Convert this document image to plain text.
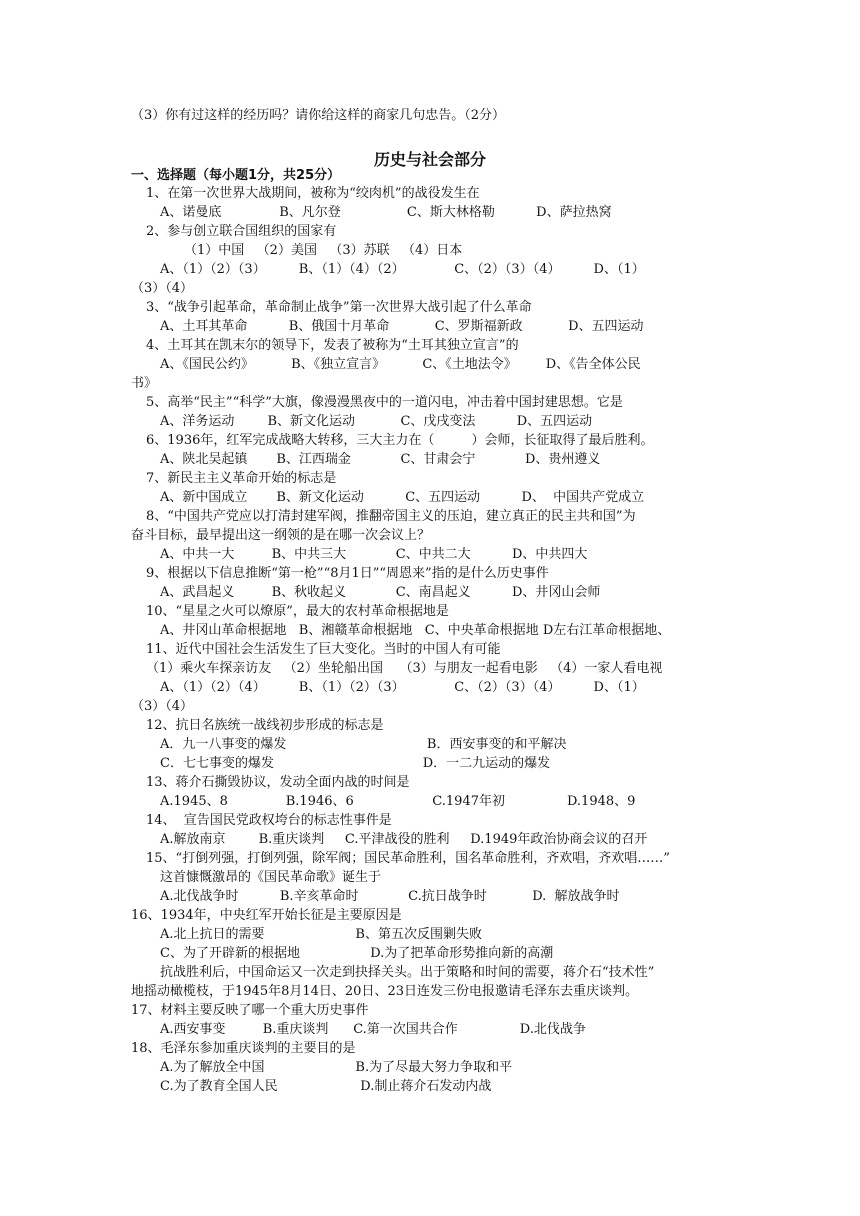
（3）你有过这样的经历吗？请你给这样的商家几句忠告。（2分）
历史与社会部分
一、选择题（每小题1分，共25分）
1、在第一次世界大战期间，被称为“绞肉机”的战役发生在
A、诺曼底              B、凡尔登                C、斯大林格勒          D、萨拉热窝
2、参与创立联合国组织的国家有
（1）中国   （2）美国   （3）苏联   （4）日本
A、（1）（2）（3）        B、（1）（4）（2）            C、（2）（3）（4）        D、（1）
（3）（4）
3、“战争引起革命，革命制止战争”第一次世界大战引起了什么革命
A、土耳其革命          B、俄国十月革命           C、罗斯福新政           D、五四运动
4、土耳其在凯末尔的领导下，发表了被称为“土耳其独立宣言”的
A、《国民公约》         B、《独立宣言》         C、《土地法令》       D、《告全体公民
书》
5、高举“民主”“科学”大旗，像漫漫黑夜中的一道闪电，冲击着中国封建思想。它是
A、洋务运动        B、新文化运动           C、戊戌变法          D、五四运动
6、1936年，红军完成战略大转移，三大主力在（         ）会师，长征取得了最后胜利。
A、陕北吴起镇       B、江西瑞金            C、甘肃会宁            D、贵州遵义
7、新民主主义革命开始的标志是
A、新中国成立       B、新文化运动          C、五四运动          D、  中国共产党成立
8、“中国共产党应以打清封建军阀，推翻帝国主义的压迫，建立真正的民主共和国”为
奋斗目标，最早提出这一纲领的是在哪一次会议上？
A、中共一大         B、中共三大            C、中共二大          D、中共四大
9、根据以下信息推断“第一枪”“8月1日”“周恩来”指的是什么历史事件
A、武昌起义         B、秋收起义            C、南昌起义          D、井冈山会师
10、“星星之火可以燎原”，最大的农村革命根据地是
A、井冈山革命根据地   B、湘赣革命根据地   C、中央革命根据地 D左右江革命根据地、
11、近代中国社会生活发生了巨大变化。当时的中国人有可能
（1）乘火车探亲访友   （2）坐轮船出国    （3）与朋友一起看电影   （4）一家人看电视
A、（1）（2）（4）        B、（1）（2）（3）            C、（2）（3）（4）        D、（1）
（3）（4）
12、抗日名族统一战线初步形成的标志是
A．九一八事变的爆发                                  B．西安事变的和平解决
C．七七事变的爆发                                    D．一二九运动的爆发
13、蒋介石撕毁协议，发动全面内战的时间是
A.1945、8              B.1946、6                   C.1947年初               D.1948、9
14、  宣告国民党政权垮台的标志性事件是
A.解放南京        B.重庆谈判     C.平津战役的胜利     D.1949年政治协商会议的召开
15、“打倒列强，打倒列强，除军阀；国民革命胜利，国名革命胜利，齐欢唱，齐欢唱……”
这首慷慨激昂的《国民革命歌》诞生于
A.北伐战争时          B.辛亥革命时            C.抗日战争时           D.  解放战争时
16、1934年，中央红军开始长征是主要原因是
A.北上抗日的需要                      B、第五次反围剿失败
C、为了开辟新的根据地                 D.为了把革命形势推向新的高潮
抗战胜利后，中国命运又一次走到抉择关头。出于策略和时间的需要，蒋介石“技术性”
地摇动橄榄枝，于1945年8月14日、20日、23日连发三份电报邀请毛泽东去重庆谈判。
17、材料主要反映了哪一个重大历史事件
A.西安事变         B.重庆谈判      C.第一次国共合作               D.北伐战争
18、毛泽东参加重庆谈判的主要目的是
A.为了解放全中国                      B.为了尽最大努力争取和平
C.为了教育全国人民                    D.制止蒋介石发动内战
